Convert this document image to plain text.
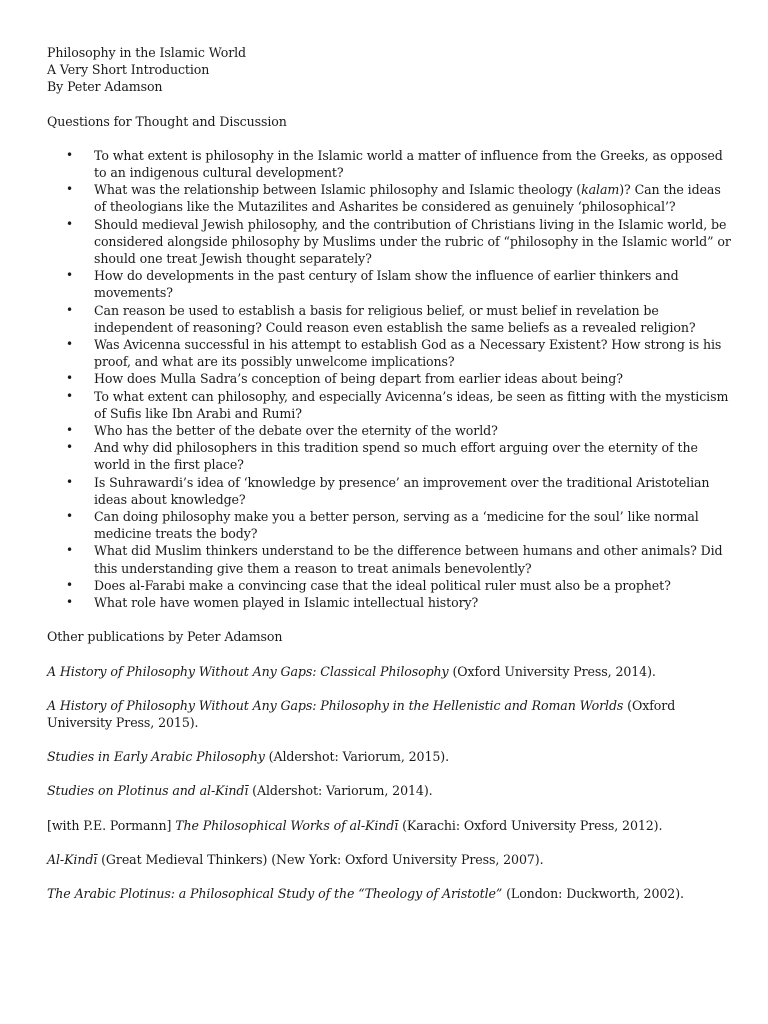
Philosophy in the Islamic World

A Very Short Introduction

By Peter Adamson

Questions for Thought and Discussion

• To what extent is philosophy in the Islamic world a matter of influence from the Greeks, as opposed to an indigenous cultural development?
• What was the relationship between Islamic philosophy and Islamic theology (kalam)? Can the ideas of theologians like the Mutazilites and Asharites be considered as genuinely ‘philosophical’?
• Should medieval Jewish philosophy, and the contribution of Christians living in the Islamic world, be considered alongside philosophy by Muslims under the rubric of “philosophy in the Islamic world” or should one treat Jewish thought separately?
• How do developments in the past century of Islam show the influence of earlier thinkers and movements?
• Can reason be used to establish a basis for religious belief, or must belief in revelation be independent of reasoning? Could reason even establish the same beliefs as a revealed religion?
• Was Avicenna successful in his attempt to establish God as a Necessary Existent? How strong is his proof, and what are its possibly unwelcome implications?
• How does Mulla Sadra’s conception of being depart from earlier ideas about being?
• To what extent can philosophy, and especially Avicenna’s ideas, be seen as fitting with the mysticism of Sufis like Ibn Arabi and Rumi?
• Who has the better of the debate over the eternity of the world?
• And why did philosophers in this tradition spend so much effort arguing over the eternity of the world in the first place?
• Is Suhrawardi’s idea of ‘knowledge by presence’ an improvement over the traditional Aristotelian ideas about knowledge?
• Can doing philosophy make you a better person, serving as a ‘medicine for the soul’ like normal medicine treats the body?
• What did Muslim thinkers understand to be the difference between humans and other animals? Did this understanding give them a reason to treat animals benevolently?
• Does al-Farabi make a convincing case that the ideal political ruler must also be a prophet?
• What role have women played in Islamic intellectual history?

Other publications by Peter Adamson

A History of Philosophy Without Any Gaps: Classical Philosophy (Oxford University Press, 2014).

A History of Philosophy Without Any Gaps: Philosophy in the Hellenistic and Roman Worlds (Oxford University Press, 2015).

Studies in Early Arabic Philosophy (Aldershot: Variorum, 2015).

Studies on Plotinus and al-Kindī (Aldershot: Variorum, 2014).

[with P.E. Pormann] The Philosophical Works of al-Kindī (Karachi: Oxford University Press, 2012).

Al-Kindī (Great Medieval Thinkers) (New York: Oxford University Press, 2007).

The Arabic Plotinus: a Philosophical Study of the “Theology of Aristotle” (London: Duckworth, 2002).
